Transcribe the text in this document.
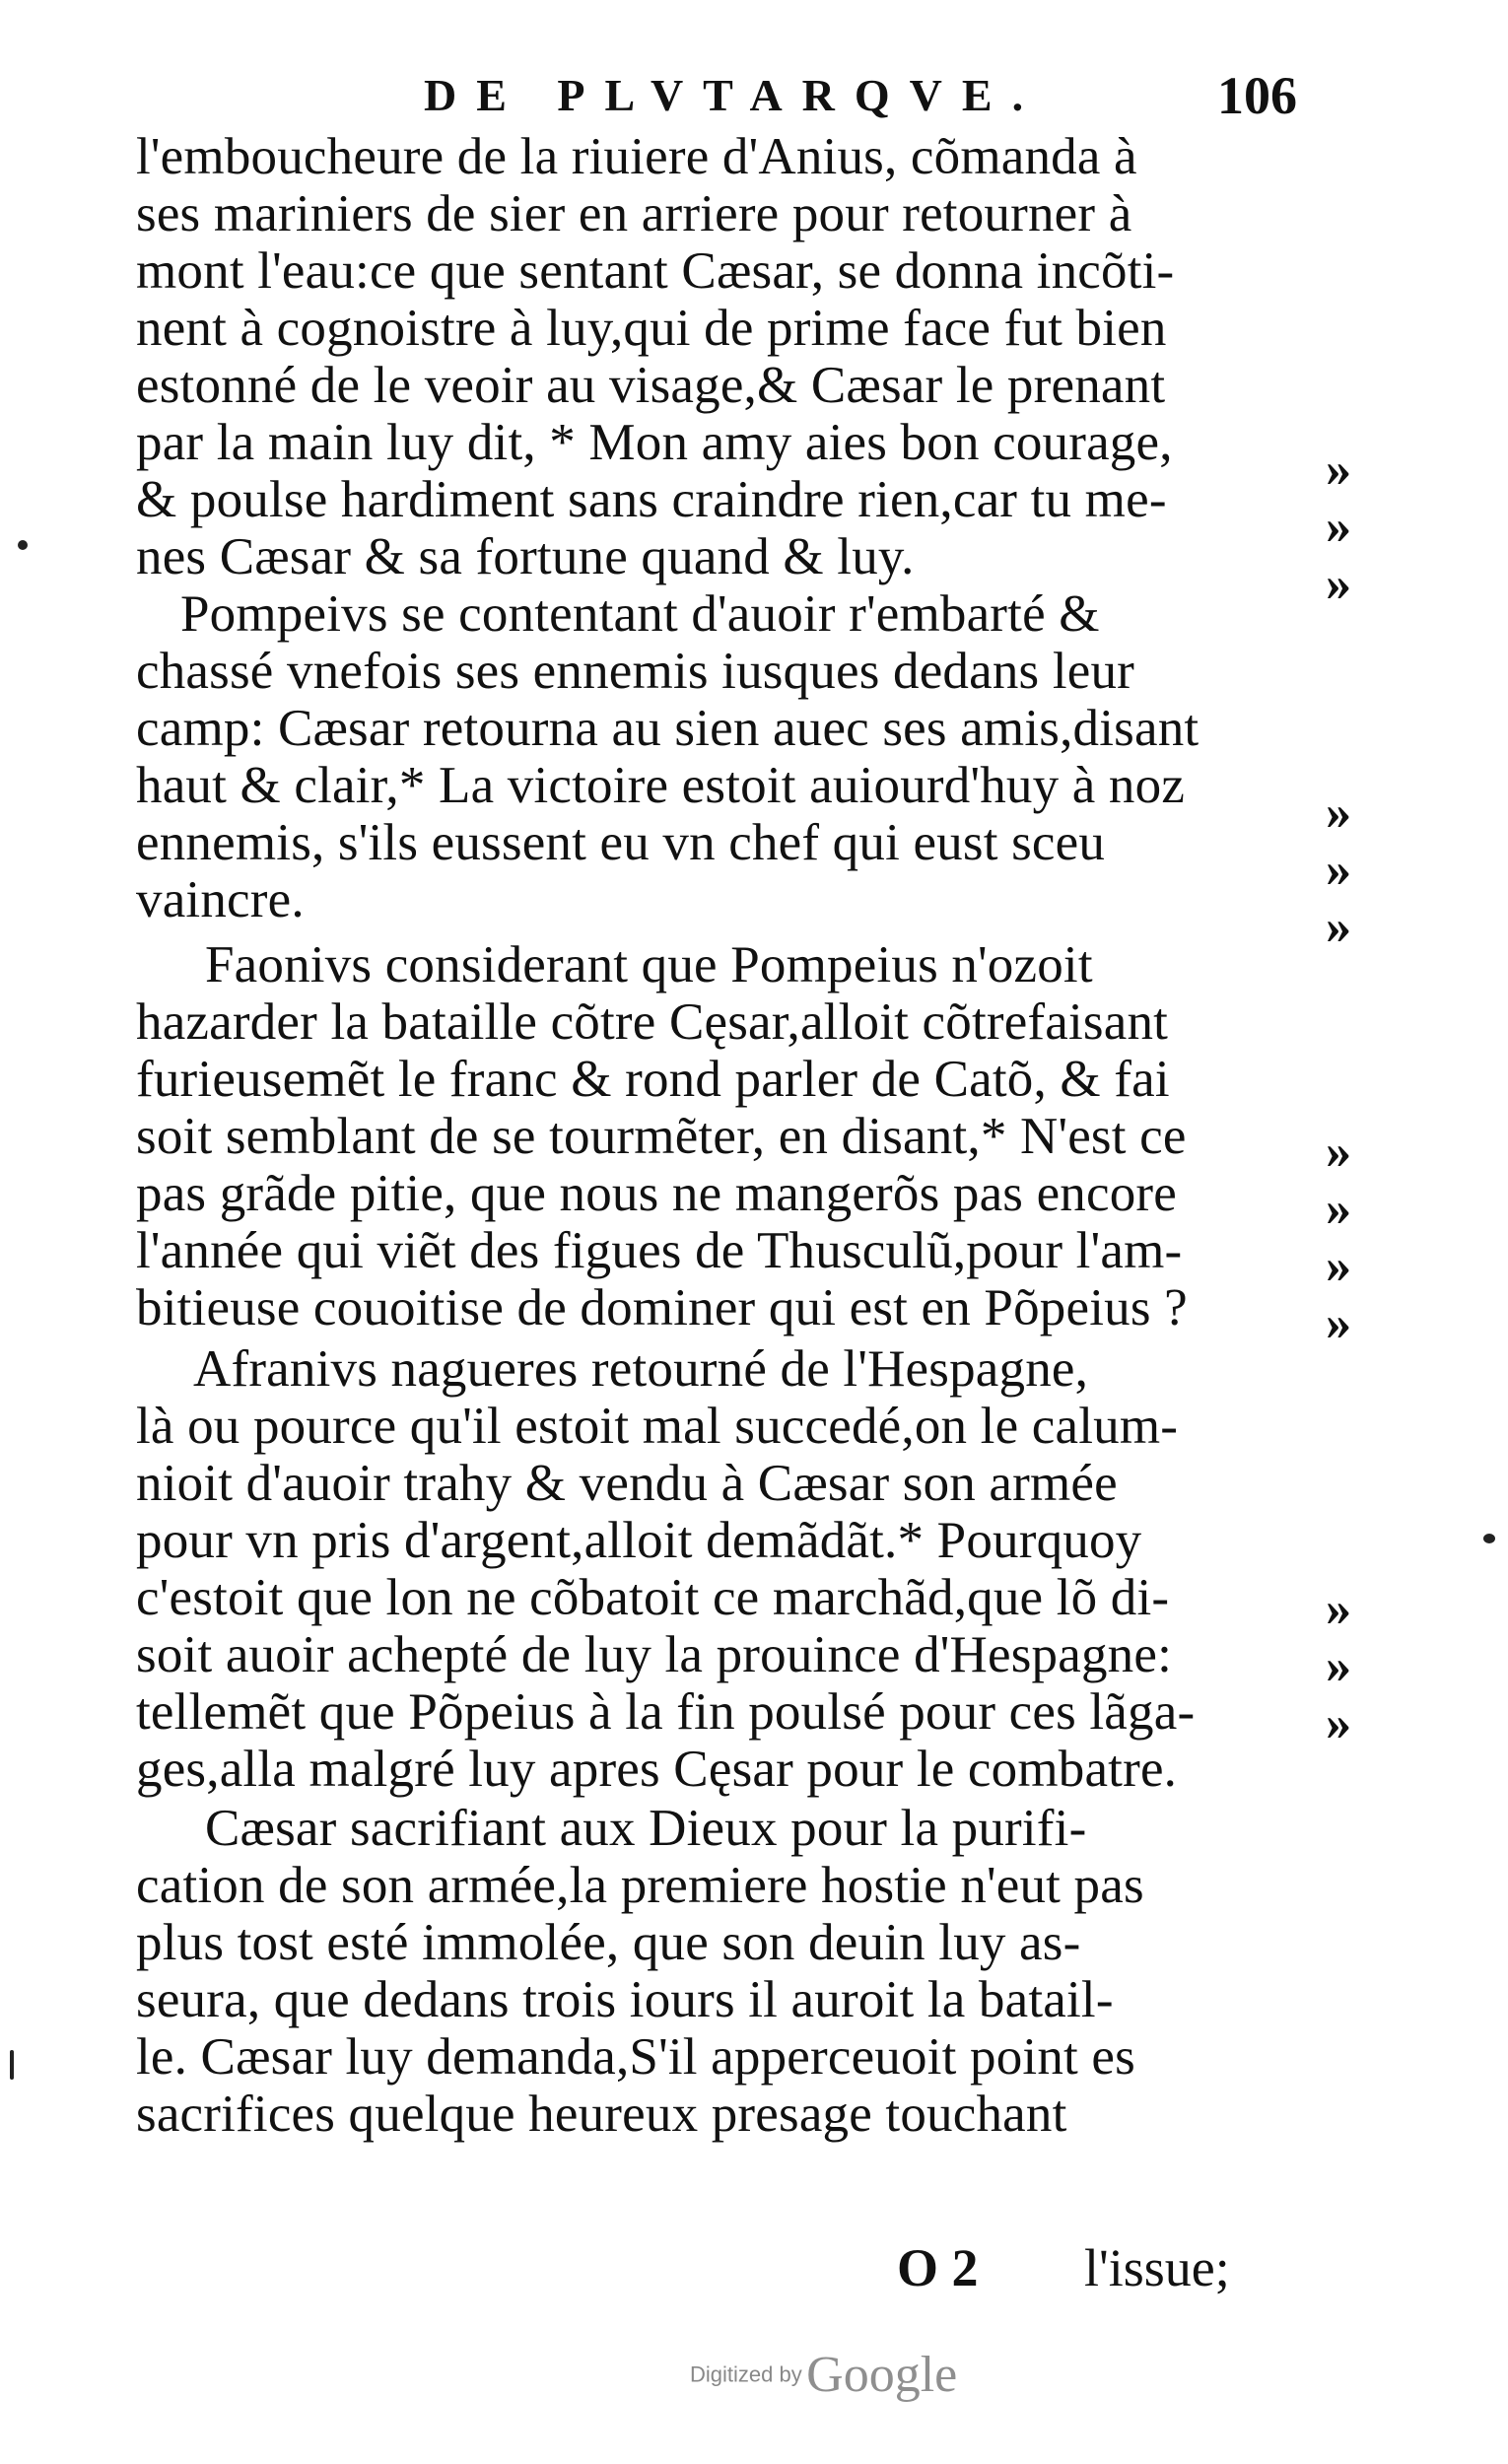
DE PLVTARQVE.	106
l'emboucheure de la riuiere d'Anius, cõmanda à
ses mariniers de sier en arriere pour retourner à
mont l'eau:ce que sentant Cæsar, se donna incõti-
nent à cognoistre à luy,qui de prime face fut bien
estonné de le veoir au visage,& Cæsar le prenant
par la main luy dit, * Mon amy aies bon courage,
& poulse hardiment sans craindre rien,car tu me-
nes Cæsar & sa fortune quand & luy.
Pompeivs se contentant d'auoir r'embarté &
chassé vnefois ses ennemis iusques dedans leur
camp: Cæsar retourna au sien auec ses amis,disant
haut & clair,* La victoire estoit auiourd'huy à noz
ennemis, s'ils eussent eu vn chef qui eust sceu
vaincre.
Faonivs considerant que Pompeius n'ozoit
hazarder la bataille cõtre Cęsar,alloit cõtrefaisant
furieusemẽt le franc & rond parler de Catõ, & fai
soit semblant de se tourmẽter, en disant,* N'est ce
pas grãde pitie, que nous ne mangerõs pas encore
l'année qui viẽt des figues de Thusculũ,pour l'am-
bitieuse couoitise de dominer qui est en Põpeius ?
Afranivs nagueres retourné de l'Hespagne,
là ou pource qu'il estoit mal succedé,on le calum-
nioit d'auoir trahy & vendu à Cæsar son armée
pour vn pris d'argent,alloit demãdãt.* Pourquoy
c'estoit que lon ne cõbatoit ce marchãd,que lõ di-
soit auoir achepté de luy la prouince d'Hespagne:
tellemẽt que Põpeius à la fin poulsé pour ces lãga-
ges,alla malgré luy apres Cęsar pour le combatre.
Cæsar sacrifiant aux Dieux pour la purifi-
cation de son armée,la premiere hostie n'eut pas
plus tost esté immolée, que son deuin luy as-
seura, que dedans trois iours il auroit la batail-
le. Cæsar luy demanda,S'il apperceuoit point es
sacrifices quelque heureux presage touchant
»
»
»
»
»
»
»
»
»
»
»
»
»
O 2 l'issue;
Digitized by Google
